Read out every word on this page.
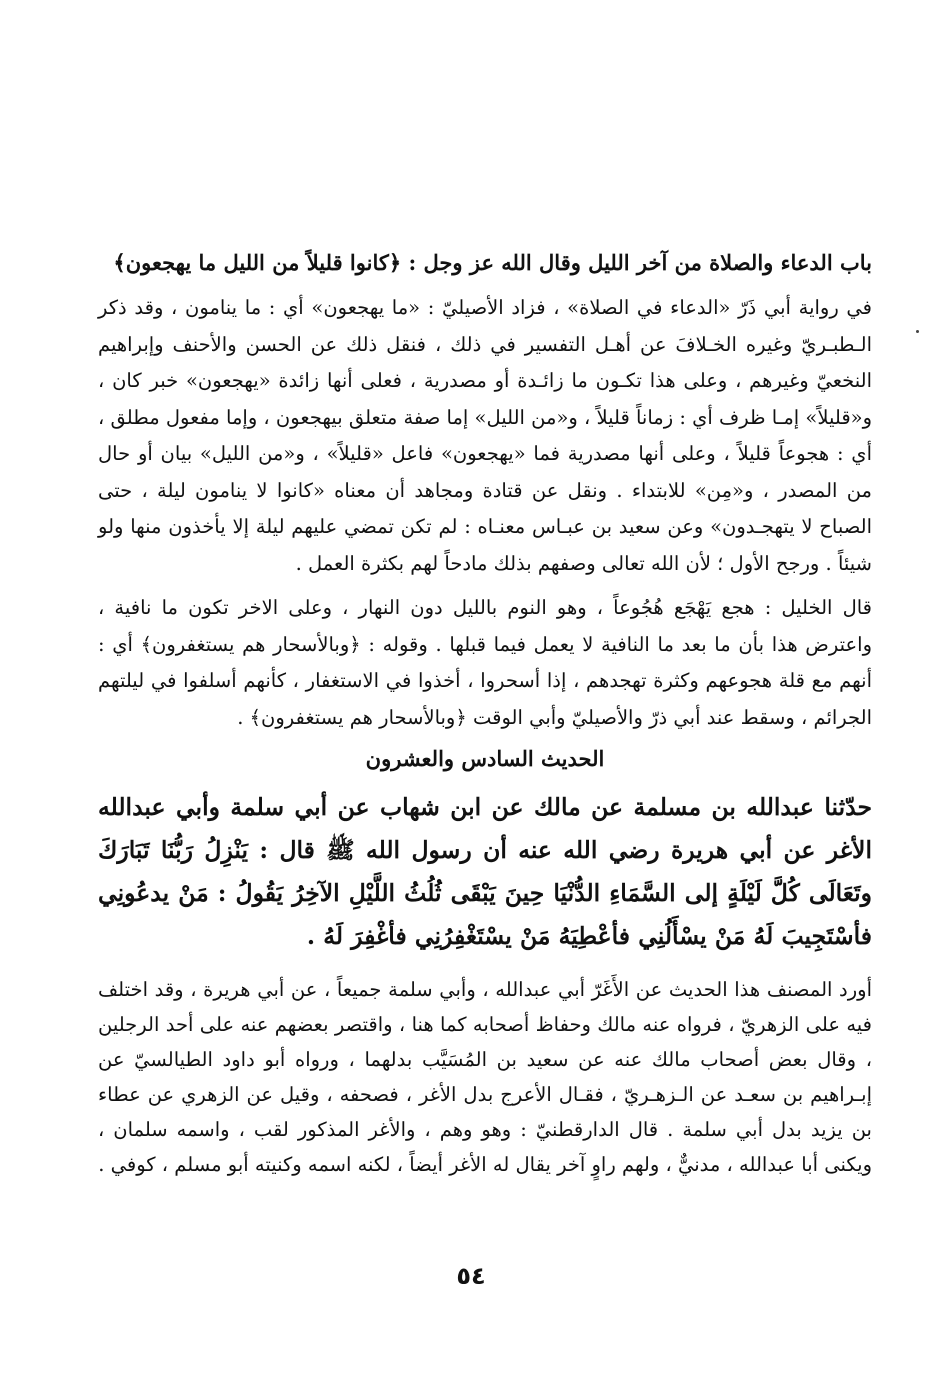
باب الدعاء والصلاة من آخر الليل وقال الله عز وجل : ﴿كانوا قليلاً من الليل ما يهجعون﴾

في رواية أبي ذَرّ «الدعاء في الصلاة» ، فزاد الأصيليّ : «ما يهجعون» أي : ما ينامون ، وقد ذكر الـطبـريّ وغيره الخـلافَ عن أهـل التفسير في ذلك ، فنقل ذلك عن الحسن والأحنف وإبراهيم النخعيّ وغيرهم ، وعلى هذا تكـون ما زائـدة أو مصدرية ، فعلى أنها زائدة «يهجعون» خبر كان ، و«قليلاً» إمـا ظرف أي : زماناً قليلاً ، و«من الليل» إما صفة متعلق بيهجعون ، وإما مفعول مطلق ، أي : هجوعاً قليلاً ، وعلى أنها مصدرية فما «يهجعون» فاعل «قليلاً» ، و«من الليل» بيان أو حال من المصدر ، و«مِن» للابتداء . ونقل عن قتادة ومجاهد أن معناه «كانوا لا ينامون ليلة ، حتى الصباح لا يتهجـدون» وعن سعيد بن عبـاس معنـاه : لم تكن تمضي عليهم ليلة إلا يأخذون منها ولو شيئاً . ورجح الأول ؛ لأن الله تعالى وصفهم بذلك مادحاً لهم بكثرة العمل .

قال الخليل : هجع يَهْجَع هُجُوعاً ، وهو النوم بالليل دون النهار ، وعلى الاخر تكون ما نافية ، واعترض هذا بأن ما بعد ما النافية لا يعمل فيما قبلها . وقوله : ﴿وبالأسحار هم يستغفرون﴾ أي : أنهم مع قلة هجوعهم وكثرة تهجدهم ، إذا أسحروا ، أخذوا في الاستغفار ، كأنهم أسلفوا في ليلتهم الجرائم ، وسقط عند أبي ذرّ والأصيليّ وأبي الوقت ﴿وبالأسحار هم يستغفرون﴾ .

الحديث السادس والعشرون

حدّثنا عبدالله بن مسلمة عن مالك عن ابن شهاب عن أبي سلمة وأبي عبدالله الأغر عن أبي هريرة رضي الله عنه أن رسول الله ﷺ قال : يَنْزِلُ رَبُّنَا تَبَارَكَ وتَعَالَى كُلَّ لَيْلَةٍ إلى السَّمَاءِ الدُّنْيَا حِينَ يَبْقَى ثُلُثُ اللَّيْلِ الآخِرُ يَقُولُ : مَنْ يدعُونِي فأسْتَجِيبَ لَهُ مَنْ يسْأَلُنِي فأعْطِيَهُ مَنْ يسْتَغْفِرُنِي فأغْفِرَ لَهُ .

أورد المصنف هذا الحديث عن الأَغَرّ أبي عبدالله ، وأبي سلمة جميعاً ، عن أبي هريرة ، وقد اختلف فيه على الزهريّ ، فرواه عنه مالك وحفاظ أصحابه كما هنا ، واقتصر بعضهم عنه على أحد الرجلين ، وقال بعض أصحاب مالك عنه عن سعيد بن المُسَيَّب بدلهما ، ورواه أبو داود الطيالسيّ عن إبـراهيم بن سعـد عن الـزهـريّ ، فقـال الأعرج بدل الأغر ، فصحفه ، وقيل عن الزهري عن عطاء بن يزيد بدل أبي سلمة . قال الدارقطنيّ : وهو وهم ، والأغر المذكور لقب ، واسمه سلمان ، ويكنى أبا عبدالله ، مدنيٌّ ، ولهم راوٍ آخر يقال له الأغر أيضاً ، لكنه اسمه وكنيته أبو مسلم ، كوفي .

٥٤
